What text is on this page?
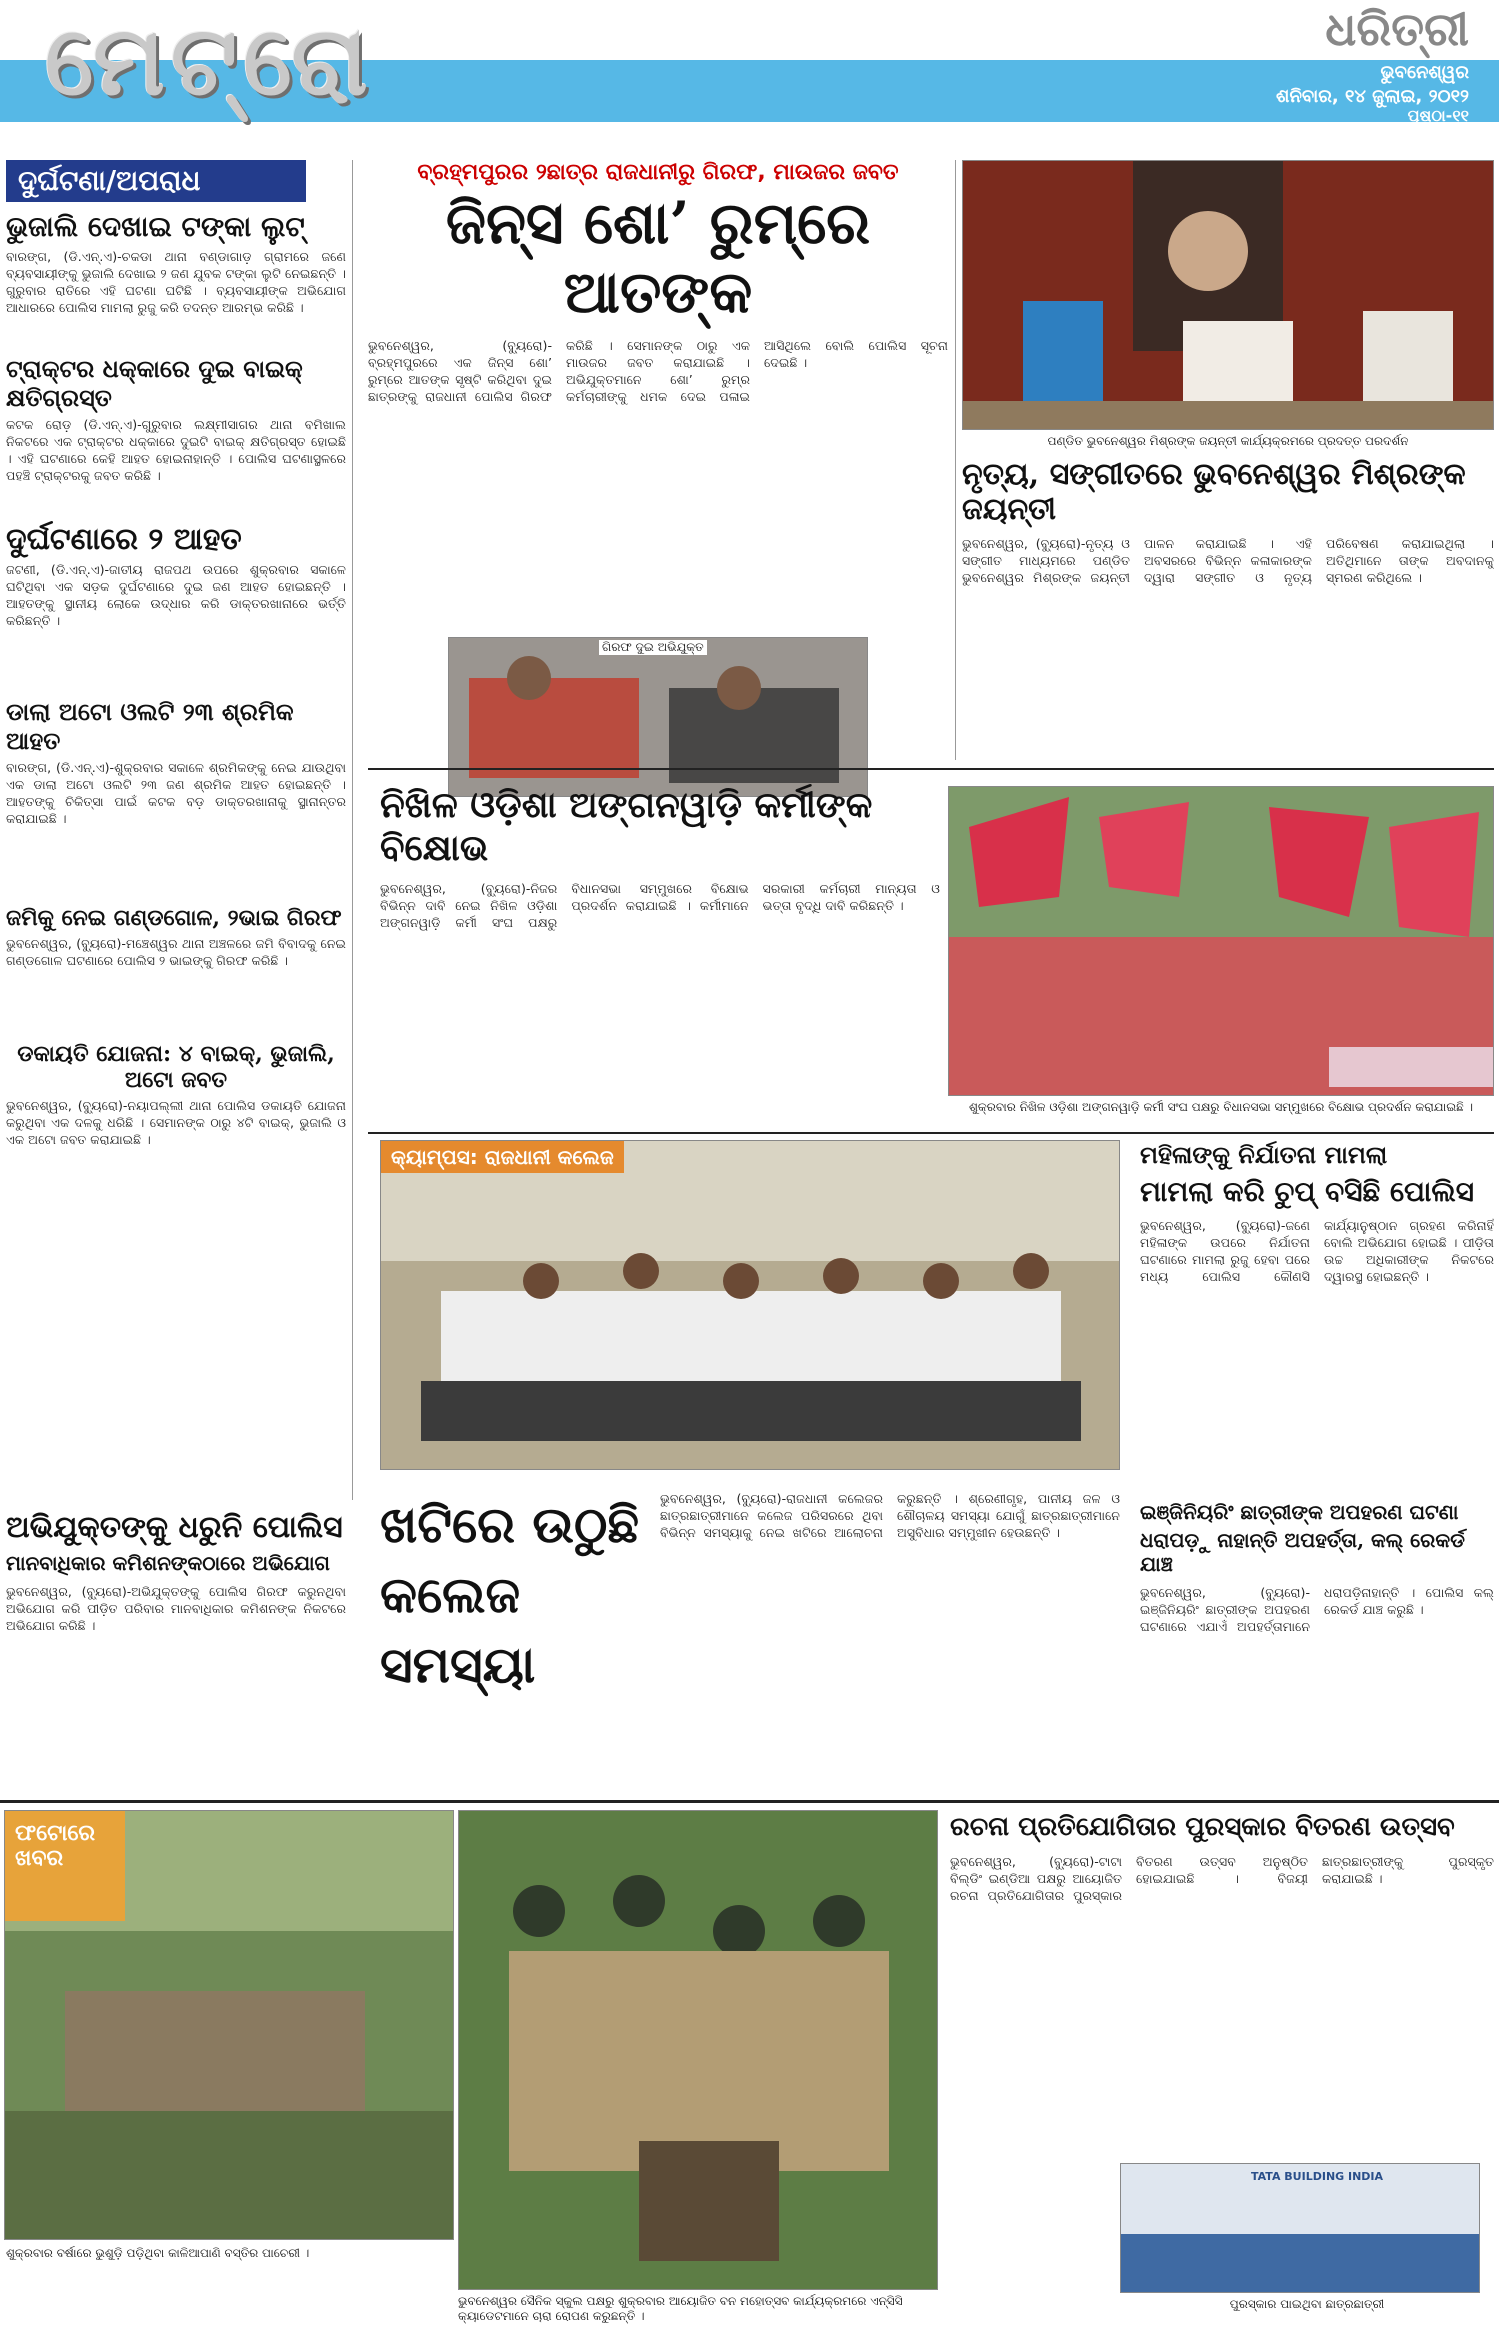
ମେଟ୍ରୋ	ଧରିତ୍ରୀ
ଭୁବନେଶ୍ୱର
ଶନିବାର, ୧୪ ଜୁଲାଇ, ୨୦୧୨
ପୃଷ୍ଠା-୧୧
ଦୁର୍ଘଟଣା/ଅପରାଧ
ଭୁଜାଲି ଦେଖାଇ ଟଙ୍କା ଲୁଟ୍
ବାରଙ୍ଗ, (ଡି.ଏନ୍.ଏ)-ଚକଡା ଥାନା ବଣ୍ଡାଗାଡ଼ ଗ୍ରାମରେ ଜଣେ ବ୍ୟବସାୟୀଙ୍କୁ ଭୁଜାଲି ଦେଖାଇ ୨ ଜଣ ଯୁବକ ଟଙ୍କା ଲୁଟି ନେଇଛନ୍ତି । ଗୁରୁବାର ରାତିରେ ଏହି ଘଟଣା ଘଟିଛି । ବ୍ୟବସାୟୀଙ୍କ ଅଭିଯୋଗ ଆଧାରରେ ପୋଲିସ ମାମଲା ରୁଜୁ କରି ତଦନ୍ତ ଆରମ୍ଭ କରିଛି ।
ଟ୍ରାକ୍ଟର ଧକ୍କାରେ ଦୁଇ ବାଇକ୍ କ୍ଷତିଗ୍ରସ୍ତ
କଟକ ରୋଡ଼ (ଡି.ଏନ୍.ଏ)-ଗୁରୁବାର ଲକ୍ଷ୍ମୀସାଗର ଥାନା ବମିଖାଲ ନିକଟରେ ଏକ ଟ୍ରାକ୍ଟର ଧକ୍କାରେ ଦୁଇଟି ବାଇକ୍ କ୍ଷତିଗ୍ରସ୍ତ ହୋଇଛି । ଏହି ଘଟଣାରେ କେହି ଆହତ ହୋଇନାହାନ୍ତି । ପୋଲିସ ଘଟଣାସ୍ଥଳରେ ପହଞ୍ଚି ଟ୍ରାକ୍ଟରକୁ ଜବତ କରିଛି ।
ଦୁର୍ଘଟଣାରେ ୨ ଆହତ
ଜଟଣୀ, (ଡି.ଏନ୍.ଏ)-ଜାତୀୟ ରାଜପଥ ଉପରେ ଶୁକ୍ରବାର ସକାଳେ ଘଟିଥିବା ଏକ ସଡ଼କ ଦୁର୍ଘଟଣାରେ ଦୁଇ ଜଣ ଆହତ ହୋଇଛନ୍ତି । ଆହତଙ୍କୁ ସ୍ଥାନୀୟ ଲୋକେ ଉଦ୍ଧାର କରି ଡାକ୍ତରଖାନାରେ ଭର୍ତ୍ତି କରିଛନ୍ତି ।
ଡାଲା ଅଟୋ ଓଲଟି ୨୩ ଶ୍ରମିକ ଆହତ
ବାରଙ୍ଗ, (ଡି.ଏନ୍.ଏ)-ଶୁକ୍ରବାର ସକାଳେ ଶ୍ରମିକଙ୍କୁ ନେଇ ଯାଉଥିବା ଏକ ଡାଲା ଅଟୋ ଓଲଟି ୨୩ ଜଣ ଶ୍ରମିକ ଆହତ ହୋଇଛନ୍ତି । ଆହତଙ୍କୁ ଚିକିତ୍ସା ପାଇଁ କଟକ ବଡ଼ ଡାକ୍ତରଖାନାକୁ ସ୍ଥାନାନ୍ତର କରାଯାଇଛି ।
ଜମିକୁ ନେଇ ଗଣ୍ଡଗୋଳ, ୨ଭାଇ ଗିରଫ
ଭୁବନେଶ୍ୱର, (ବ୍ୟୁରୋ)-ମଞ୍ଚେଶ୍ୱର ଥାନା ଅଞ୍ଚଳରେ ଜମି ବିବାଦକୁ ନେଇ ଗଣ୍ଡଗୋଳ ଘଟଣାରେ ପୋଲିସ ୨ ଭାଇଙ୍କୁ ଗିରଫ କରିଛି ।
ଡକାୟତି ଯୋଜନା: ୪ ବାଇକ୍, ଭୁଜାଲି, ଅଟୋ ଜବତ
ଭୁବନେଶ୍ୱର, (ବ୍ୟୁରୋ)-ନୟାପଲ୍ଲୀ ଥାନା ପୋଲିସ ଡକାୟତି ଯୋଜନା କରୁଥିବା ଏକ ଦଳକୁ ଧରିଛି । ସେମାନଙ୍କ ଠାରୁ ୪ଟି ବାଇକ୍, ଭୁଜାଲି ଓ ଏକ ଅଟୋ ଜବତ କରାଯାଇଛି ।
ବ୍ରହ୍ମପୁରର ୨ଛାତ୍ର ରାଜଧାନୀରୁ ଗିରଫ, ମାଉଜର ଜବତ
ଜିନ୍ସ ଶୋ’ ରୁମ୍‌ରେ ଆତଙ୍କ
ଭୁବନେଶ୍ୱର, (ବ୍ୟୁରୋ)-ବ୍ରହ୍ମପୁରରେ ଏକ ଜିନ୍ସ ଶୋ’ ରୁମ୍‌ରେ ଆତଙ୍କ ସୃଷ୍ଟି କରିଥିବା ଦୁଇ ଛାତ୍ରଙ୍କୁ ରାଜଧାନୀ ପୋଲିସ ଗିରଫ କରିଛି । ସେମାନଙ୍କ ଠାରୁ ଏକ ମାଉଜର ଜବତ କରାଯାଇଛି । ଅଭିଯୁକ୍ତମାନେ ଶୋ’ ରୁମ୍‌ର କର୍ମଚାରୀଙ୍କୁ ଧମକ ଦେଇ ପଳାଇ ଆସିଥିଲେ ବୋଲି ପୋଲିସ ସୂଚନା ଦେଇଛି ।
ଗିରଫ ଦୁଇ ଅଭିଯୁକ୍ତ
ପଣ୍ଡିତ ଭୁବନେଶ୍ୱର ମିଶ୍ରଙ୍କ ଜୟନ୍ତୀ କାର୍ଯ୍ୟକ୍ରମରେ ପ୍ରଦତ୍ତ ପରଦର୍ଶନ
ନୃତ୍ୟ, ସଙ୍ଗୀତରେ ଭୁବନେଶ୍ୱର ମିଶ୍ରଙ୍କ ଜୟନ୍ତୀ
ଭୁବନେଶ୍ୱର, (ବ୍ୟୁରୋ)-ନୃତ୍ୟ ଓ ସଙ୍ଗୀତ ମାଧ୍ୟମରେ ପଣ୍ଡିତ ଭୁବନେଶ୍ୱର ମିଶ୍ରଙ୍କ ଜୟନ୍ତୀ ପାଳନ କରାଯାଇଛି । ଏହି ଅବସରରେ ବିଭିନ୍ନ କଳାକାରଙ୍କ ଦ୍ୱାରା ସଙ୍ଗୀତ ଓ ନୃତ୍ୟ ପରିବେଷଣ କରାଯାଇଥିଲା । ଅତିଥିମାନେ ତାଙ୍କ ଅବଦାନକୁ ସ୍ମରଣ କରିଥିଲେ ।
ନିଖିଳ ଓଡ଼ିଶା ଅଙ୍ଗନୱାଡ଼ି କର୍ମୀଙ୍କ ବିକ୍ଷୋଭ
ଭୁବନେଶ୍ୱର, (ବ୍ୟୁରୋ)-ନିଜର ବିଭିନ୍ନ ଦାବି ନେଇ ନିଖିଳ ଓଡ଼ିଶା ଅଙ୍ଗନୱାଡ଼ି କର୍ମୀ ସଂଘ ପକ୍ଷରୁ ବିଧାନସଭା ସମ୍ମୁଖରେ ବିକ୍ଷୋଭ ପ୍ରଦର୍ଶନ କରାଯାଇଛି । କର୍ମୀମାନେ ସରକାରୀ କର୍ମଚାରୀ ମାନ୍ୟତା ଓ ଭତ୍ତା ବୃଦ୍ଧି ଦାବି କରିଛନ୍ତି ।
ଶୁକ୍ରବାର ନିଖିଳ ଓଡ଼ିଶା ଅଙ୍ଗନୱାଡ଼ି କର୍ମୀ ସଂଘ ପକ୍ଷରୁ ବିଧାନସଭା ସମ୍ମୁଖରେ ବିକ୍ଷୋଭ ପ୍ରଦର୍ଶନ କରାଯାଇଛି ।
କ୍ୟାମ୍ପସ: ରାଜଧାନୀ କଲେଜ
ଖଟିରେ ଉଠୁଛି କଲେଜ ସମସ୍ୟା
ଭୁବନେଶ୍ୱର, (ବ୍ୟୁରୋ)-ରାଜଧାନୀ କଲେଜର ଛାତ୍ରଛାତ୍ରୀମାନେ କଲେଜ ପରିସରରେ ଥିବା ବିଭିନ୍ନ ସମସ୍ୟାକୁ ନେଇ ଖଟିରେ ଆଲୋଚନା କରୁଛନ୍ତି । ଶ୍ରେଣୀଗୃହ, ପାନୀୟ ଜଳ ଓ ଶୌଚାଳୟ ସମସ୍ୟା ଯୋଗୁଁ ଛାତ୍ରଛାତ୍ରୀମାନେ ଅସୁବିଧାର ସମ୍ମୁଖୀନ ହେଉଛନ୍ତି ।
ମହିଳାଙ୍କୁ ନିର୍ଯାତନା ମାମଲା
ମାମଲା କରି ଚୁପ୍ ବସିଛି ପୋଲିସ
ଭୁବନେଶ୍ୱର, (ବ୍ୟୁରୋ)-ଜଣେ ମହିଳାଙ୍କ ଉପରେ ନିର୍ଯାତନା ଘଟଣାରେ ମାମଲା ରୁଜୁ ହେବା ପରେ ମଧ୍ୟ ପୋଲିସ କୌଣସି କାର୍ଯ୍ୟାନୁଷ୍ଠାନ ଗ୍ରହଣ କରିନାହିଁ ବୋଲି ଅଭିଯୋଗ ହୋଇଛି । ପୀଡ଼ିତା ଉଚ୍ଚ ଅଧିକାରୀଙ୍କ ନିକଟରେ ଦ୍ୱାରସ୍ଥ ହୋଇଛନ୍ତି ।
ଇଞ୍ଜିନିୟରିଂ ଛାତ୍ରୀଙ୍କ ଅପହରଣ ଘଟଣା
ଧରାପଡ଼ୁ ନାହାନ୍ତି ଅପହର୍ତ୍ତା, କଲ୍ ରେକର୍ଡ ଯାଞ୍ଚ
ଭୁବନେଶ୍ୱର, (ବ୍ୟୁରୋ)-ଇଞ୍ଜିନିୟରିଂ ଛାତ୍ରୀଙ୍କ ଅପହରଣ ଘଟଣାରେ ଏଯାଏଁ ଅପହର୍ତ୍ତାମାନେ ଧରାପଡ଼ିନାହାନ୍ତି । ପୋଲିସ କଲ୍ ରେକର୍ଡ ଯାଞ୍ଚ କରୁଛି ।
ଅଭିଯୁକ୍ତଙ୍କୁ ଧରୁନି ପୋଲିସ
ମାନବାଧିକାର କମିଶନଙ୍କଠାରେ ଅଭିଯୋଗ
ଭୁବନେଶ୍ୱର, (ବ୍ୟୁରୋ)-ଅଭିଯୁକ୍ତଙ୍କୁ ପୋଲିସ ଗିରଫ କରୁନଥିବା ଅଭିଯୋଗ କରି ପୀଡ଼ିତ ପରିବାର ମାନବାଧିକାର କମିଶନଙ୍କ ନିକଟରେ ଅଭିଯୋଗ କରିଛି ।
ଫଟୋରେ ଖବର
ଶୁକ୍ରବାର ବର୍ଷାରେ ଭୁଶୁଡ଼ି ପଡ଼ିଥିବା କାଳିଆପାଣି ବସ୍ତିର ପାଚେରୀ ।
ଭୁବନେଶ୍ୱର ସୈନିକ ସ୍କୁଲ ପକ୍ଷରୁ ଶୁକ୍ରବାର ଆୟୋଜିତ ବନ ମହୋତ୍ସବ କାର୍ଯ୍ୟକ୍ରମରେ ଏନ୍‌ସିସି କ୍ୟାଡେଟମାନେ ଚାରା ରୋପଣ କରୁଛନ୍ତି ।
ରଚନା ପ୍ରତିଯୋଗିତାର ପୁରସ୍କାର ବିତରଣ ଉତ୍ସବ
ଭୁବନେଶ୍ୱର, (ବ୍ୟୁରୋ)-ଟାଟା ବିଲ୍ଡିଂ ଇଣ୍ଡିଆ ପକ୍ଷରୁ ଆୟୋଜିତ ରଚନା ପ୍ରତିଯୋଗିତାର ପୁରସ୍କାର ବିତରଣ ଉତ୍ସବ ଅନୁଷ୍ଠିତ ହୋଇଯାଇଛି । ବିଜୟୀ ଛାତ୍ରଛାତ୍ରୀଙ୍କୁ ପୁରସ୍କୃତ କରାଯାଇଛି ।
TATA BUILDING INDIA
ପୁରସ୍କାର ପାଇଥିବା ଛାତ୍ରଛାତ୍ରୀ
